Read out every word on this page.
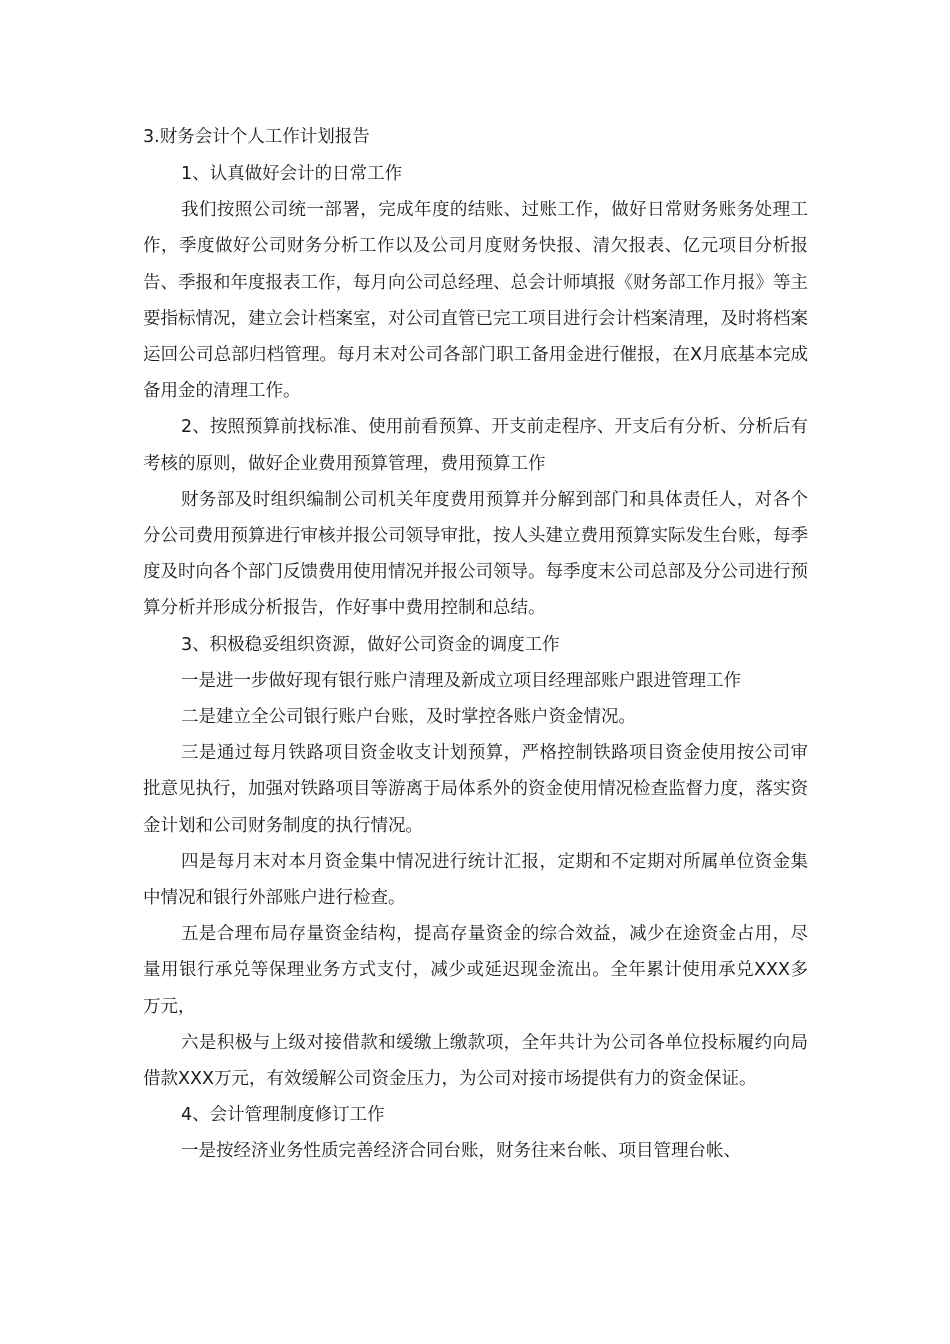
3.财务会计个人工作计划报告

1、认真做好会计的日常工作

我们按照公司统一部署，完成年度的结账、过账工作，做好日常财务账务处理工作，季度做好公司财务分析工作以及公司月度财务快报、清欠报表、亿元项目分析报告、季报和年度报表工作，每月向公司总经理、总会计师填报《财务部工作月报》等主要指标情况，建立会计档案室，对公司直管已完工项目进行会计档案清理，及时将档案运回公司总部归档管理。每月末对公司各部门职工备用金进行催报，在X月底基本完成备用金的清理工作。

2、按照预算前找标准、使用前看预算、开支前走程序、开支后有分析、分析后有考核的原则，做好企业费用预算管理，费用预算工作

财务部及时组织编制公司机关年度费用预算并分解到部门和具体责任人，对各个分公司费用预算进行审核并报公司领导审批，按人头建立费用预算实际发生台账，每季度及时向各个部门反馈费用使用情况并报公司领导。每季度末公司总部及分公司进行预算分析并形成分析报告，作好事中费用控制和总结。

3、积极稳妥组织资源，做好公司资金的调度工作

一是进一步做好现有银行账户清理及新成立项目经理部账户跟进管理工作

二是建立全公司银行账户台账，及时掌控各账户资金情况。

三是通过每月铁路项目资金收支计划预算，严格控制铁路项目资金使用按公司审批意见执行，加强对铁路项目等游离于局体系外的资金使用情况检查监督力度，落实资金计划和公司财务制度的执行情况。

四是每月末对本月资金集中情况进行统计汇报，定期和不定期对所属单位资金集中情况和银行外部账户进行检查。

五是合理布局存量资金结构，提高存量资金的综合效益，减少在途资金占用，尽量用银行承兑等保理业务方式支付，减少或延迟现金流出。全年累计使用承兑XXX多万元，

六是积极与上级对接借款和缓缴上缴款项，全年共计为公司各单位投标履约向局借款XXX万元，有效缓解公司资金压力，为公司对接市场提供有力的资金保证。

4、会计管理制度修订工作

一是按经济业务性质完善经济合同台账，财务往来台帐、项目管理台帐、
